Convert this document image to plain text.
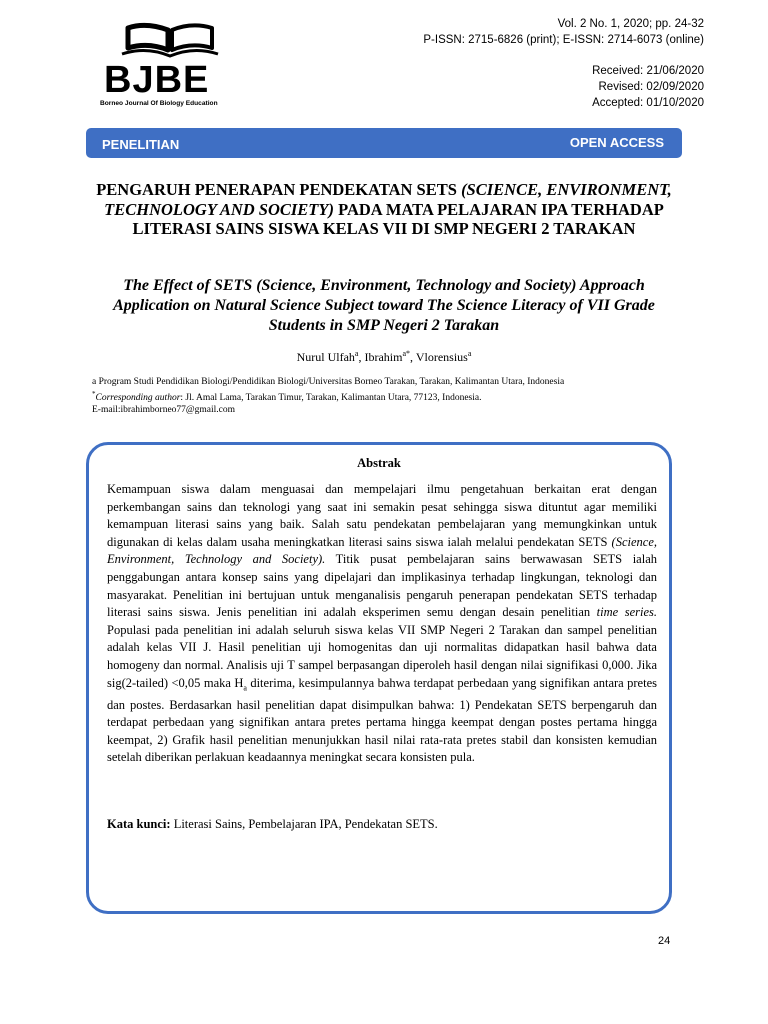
BJBE
Borneo Journal Of Biology Education
Vol. 2 No. 1, 2020; pp. 24-32
P-ISSN: 2715-6826 (print); E-ISSN: 2714-6073 (online)
Received: 21/06/2020
Revised: 02/09/2020
Accepted: 01/10/2020
PENELITIAN	OPEN ACCESS
PENGARUH PENERAPAN PENDEKATAN SETS (SCIENCE, ENVIRONMENT, TECHNOLOGY AND SOCIETY) PADA MATA PELAJARAN IPA TERHADAP LITERASI SAINS SISWA KELAS VII DI SMP NEGERI 2 TARAKAN
The Effect of SETS (Science, Environment, Technology and Society) Approach Application on Natural Science Subject toward The Science Literacy of VII Grade Students in SMP Negeri 2 Tarakan
Nurul Ulfah$^a$, Ibrahim$^{a*}$, Vlorensius$^a$
a Program Studi Pendidikan Biologi/Pendidikan Biologi/Universitas Borneo Tarakan, Tarakan, Kalimantan Utara, Indonesia
*Corresponding author: Jl. Amal Lama, Tarakan Timur, Tarakan, Kalimantan Utara, 77123, Indonesia.
E-mail:ibrahimborneo77@gmail.com
Abstrak

Kemampuan siswa dalam menguasai dan mempelajari ilmu pengetahuan berkaitan erat dengan perkembangan sains dan teknologi yang saat ini semakin pesat sehingga siswa dituntut agar memiliki kemampuan literasi sains yang baik. Salah satu pendekatan pembelajaran yang memungkinkan untuk digunakan di kelas dalam usaha meningkatkan literasi sains siswa ialah melalui pendekatan SETS (Science, Environment, Technology and Society). Titik pusat pembelajaran sains berwawasan SETS ialah penggabungan antara konsep sains yang dipelajari dan implikasinya terhadap lingkungan, teknologi dan masyarakat. Penelitian ini bertujuan untuk menganalisis pengaruh penerapan pendekatan SETS terhadap literasi sains siswa. Jenis penelitian ini adalah eksperimen semu dengan desain penelitian time series. Populasi pada penelitian ini adalah seluruh siswa kelas VII SMP Negeri 2 Tarakan dan sampel penelitian adalah kelas VII J. Hasil penelitian uji homogenitas dan uji normalitas didapatkan hasil bahwa data homogeny dan normal. Analisis uji T sampel berpasangan diperoleh hasil dengan nilai signifikasi 0,000. Jika sig(2-tailed) <0,05 maka $H_a$ diterima, kesimpulannya bahwa terdapat perbedaan yang signifikan antara pretes dan postes. Berdasarkan hasil penelitian dapat disimpulkan bahwa: 1) Pendekatan SETS berpengaruh dan terdapat perbedaan yang signifikan antara pretes pertama hingga keempat dengan postes pertama hingga keempat, 2) Grafik hasil penelitian menunjukkan hasil nilai rata-rata pretes stabil dan konsisten kemudian setelah diberikan perlakuan keadaannya meningkat secara konsisten pula.

Kata kunci: Literasi Sains, Pembelajaran IPA, Pendekatan SETS.
24
